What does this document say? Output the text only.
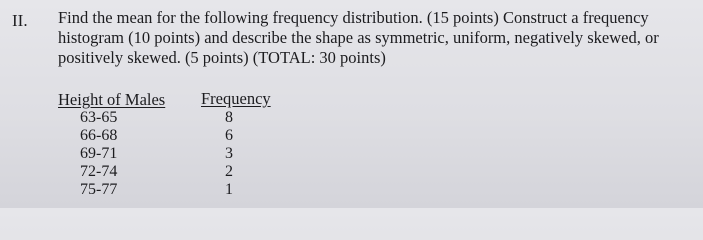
II. Find the mean for the following frequency distribution. (15 points) Construct a frequency
histogram (10 points) and describe the shape as symmetric, uniform, negatively skewed, or
positively skewed. (5 points) (TOTAL: 30 points)
Height of Males Frequency
63-65	8
66-68	6
69-71	3
72-74	2
75-77	1
